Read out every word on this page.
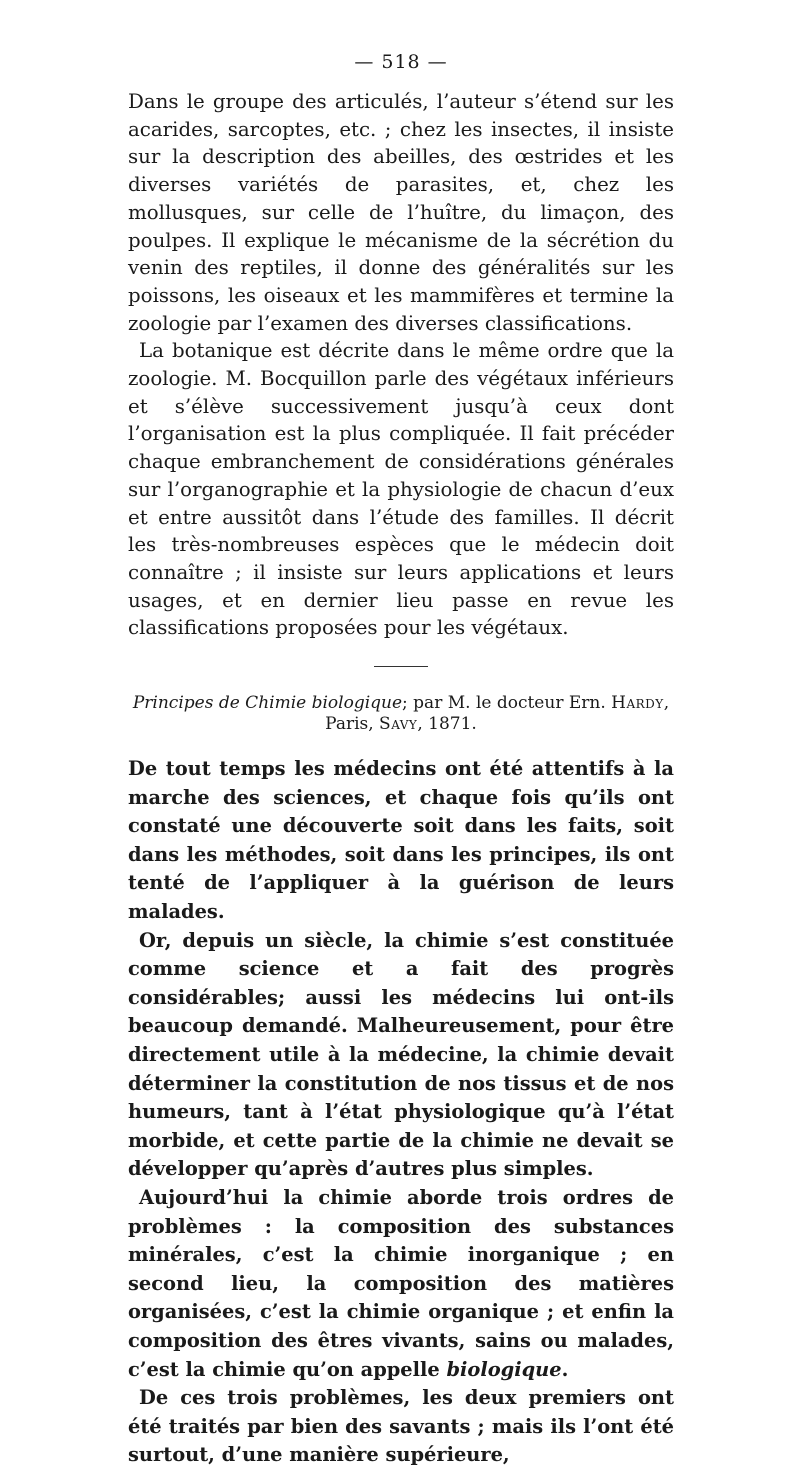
— 518 —

Dans le groupe des articulés, l’auteur s’étend sur les acarides, sarcoptes, etc. ; chez les insectes, il insiste sur la description des abeilles, des œstrides et les diverses variétés de parasites, et, chez les mollusques, sur celle de l’huître, du limaçon, des poulpes. Il explique le mécanisme de la sécrétion du venin des reptiles, il donne des généralités sur les poissons, les oiseaux et les mammifères et termine la zoologie par l’examen des diverses classifications.

La botanique est décrite dans le même ordre que la zoologie. M. Bocquillon parle des végétaux inférieurs et s’élève successivement jusqu’à ceux dont l’organisation est la plus compliquée. Il fait précéder chaque embranchement de considérations générales sur l’organographie et la physiologie de chacun d’eux et entre aussitôt dans l’étude des familles. Il décrit les très-nombreuses espèces que le médecin doit connaître ; il insiste sur leurs applications et leurs usages, et en dernier lieu passe en revue les classifications proposées pour les végétaux.

Principes de Chimie biologique; par M. le docteur Ern. Hardy,
Paris, Savy, 1871.

De tout temps les médecins ont été attentifs à la marche des sciences, et chaque fois qu’ils ont constaté une découverte soit dans les faits, soit dans les méthodes, soit dans les principes, ils ont tenté de l’appliquer à la guérison de leurs malades.

Or, depuis un siècle, la chimie s’est constituée comme science et a fait des progrès considérables; aussi les médecins lui ont-ils beaucoup demandé. Malheureusement, pour être directement utile à la médecine, la chimie devait déterminer la constitution de nos tissus et de nos humeurs, tant à l’état physiologique qu’à l’état morbide, et cette partie de la chimie ne devait se développer qu’après d’autres plus simples.

Aujourd’hui la chimie aborde trois ordres de problèmes : la composition des substances minérales, c’est la chimie inorganique ; en second lieu, la composition des matières organisées, c’est la chimie organique ; et enfin la composition des êtres vivants, sains ou malades, c’est la chimie qu’on appelle biologique.

De ces trois problèmes, les deux premiers ont été traités par bien des savants ; mais ils l’ont été surtout, d’une manière supérieure,
